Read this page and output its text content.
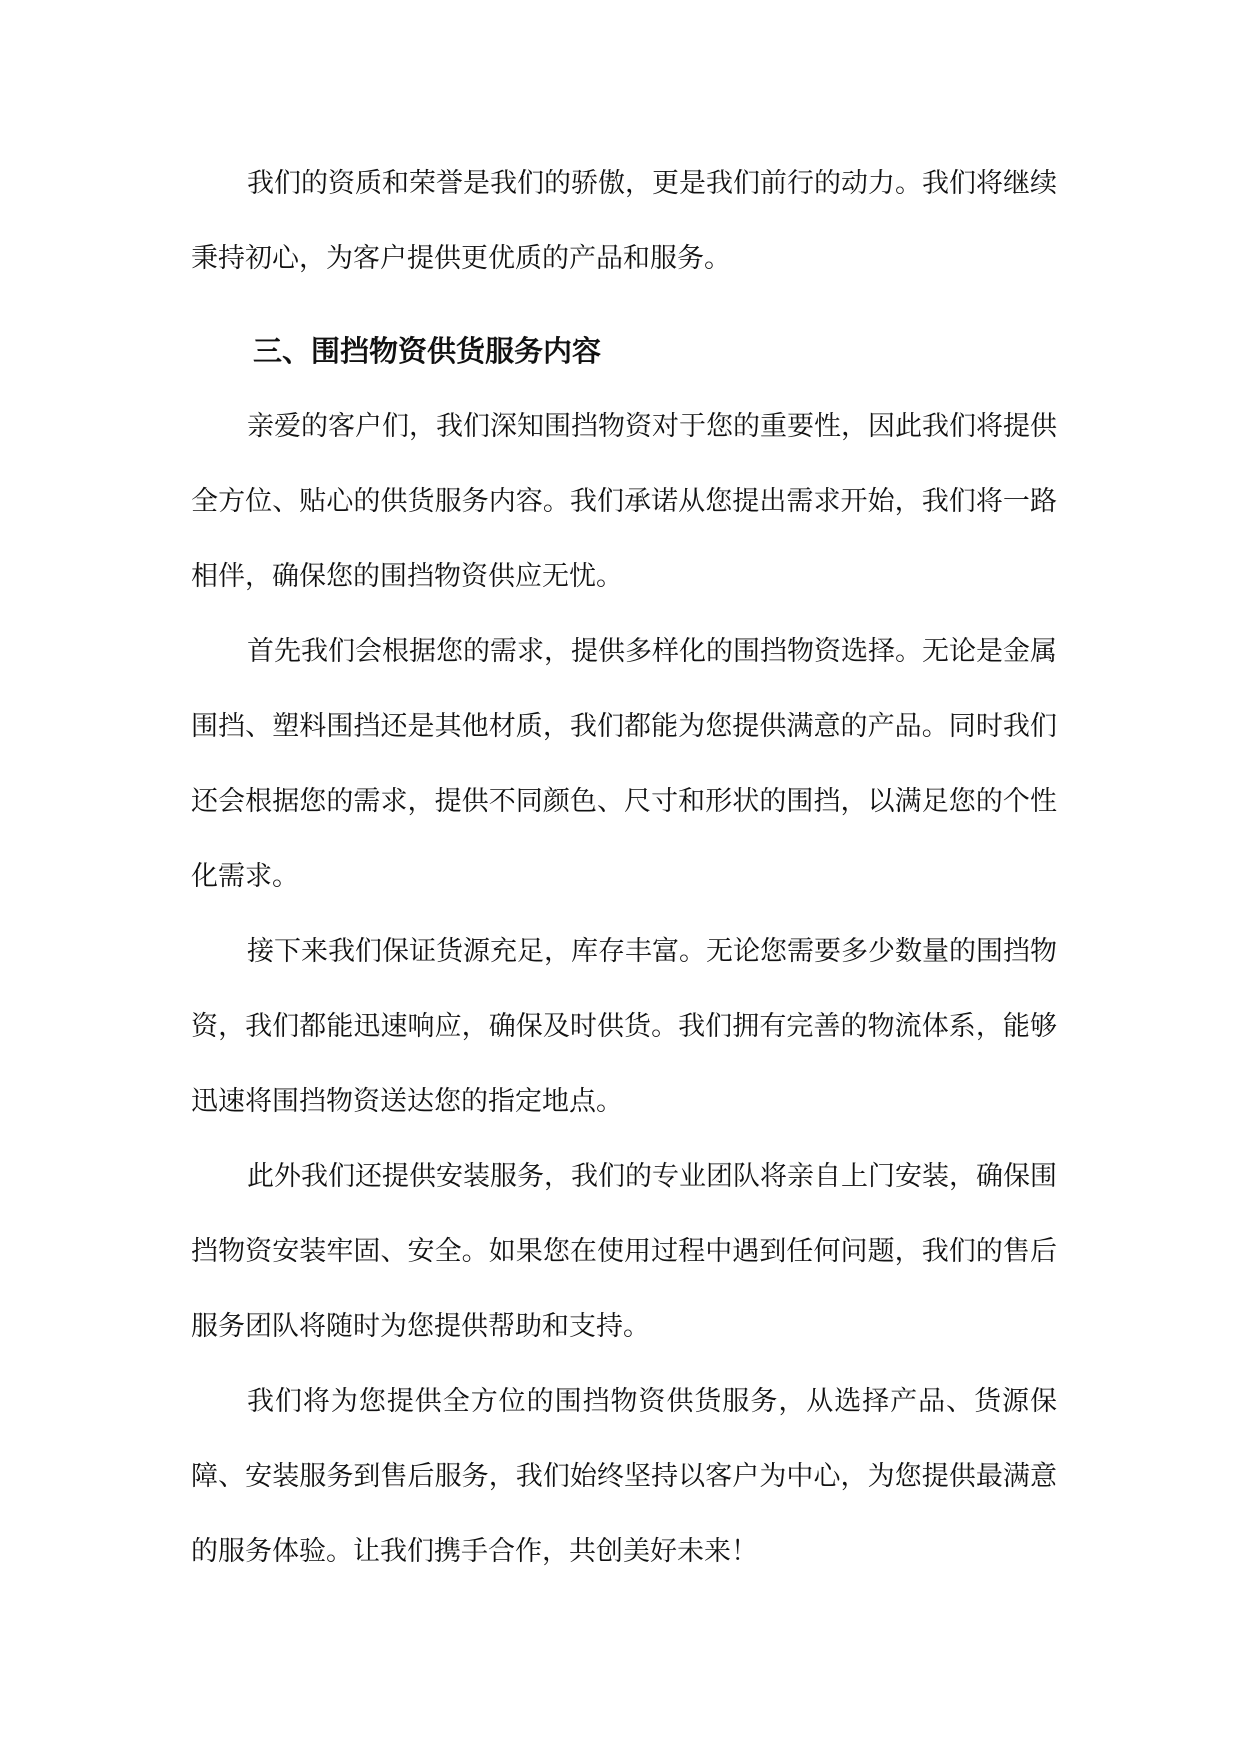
我们的资质和荣誉是我们的骄傲，更是我们前行的动力。我们将继续秉持初心，为客户提供更优质的产品和服务。

三、围挡物资供货服务内容

亲爱的客户们，我们深知围挡物资对于您的重要性，因此我们将提供全方位、贴心的供货服务内容。我们承诺从您提出需求开始，我们将一路相伴，确保您的围挡物资供应无忧。

首先我们会根据您的需求，提供多样化的围挡物资选择。无论是金属围挡、塑料围挡还是其他材质，我们都能为您提供满意的产品。同时我们还会根据您的需求，提供不同颜色、尺寸和形状的围挡，以满足您的个性化需求。

接下来我们保证货源充足，库存丰富。无论您需要多少数量的围挡物资，我们都能迅速响应，确保及时供货。我们拥有完善的物流体系，能够迅速将围挡物资送达您的指定地点。

此外我们还提供安装服务，我们的专业团队将亲自上门安装，确保围挡物资安装牢固、安全。如果您在使用过程中遇到任何问题，我们的售后服务团队将随时为您提供帮助和支持。

我们将为您提供全方位的围挡物资供货服务，从选择产品、货源保障、安装服务到售后服务，我们始终坚持以客户为中心，为您提供最满意的服务体验。让我们携手合作，共创美好未来！
